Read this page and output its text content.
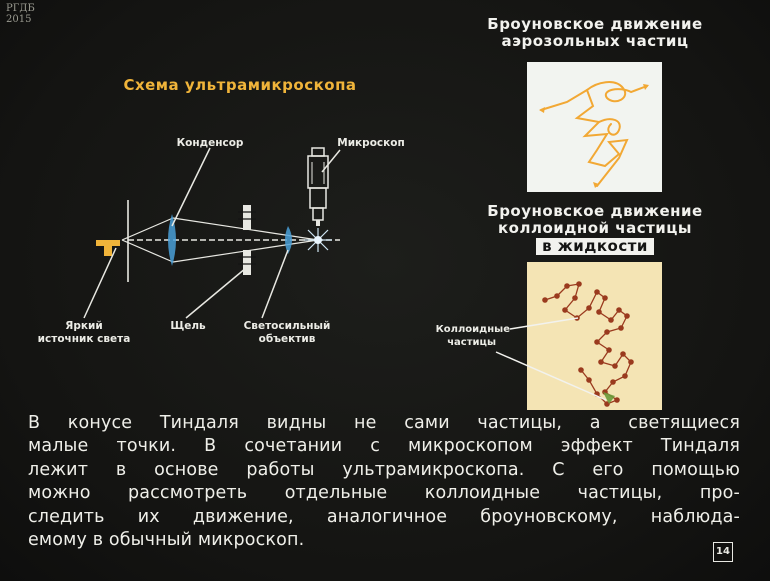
РГДБ
2015
Схема ультрамикроскопа
Конденсор	Микроскоп
Яркий
источник света
Щель	Светосильный
объектив
Броуновское движение
аэрозольных частиц
Броуновское движение
коллоидной частицы
в жидкости
Коллоидные
частицы
В конусе Тиндаля видны не сами частицы, а светящиеся
малые точки. В сочетании с микроскопом эффект Тиндаля
лежит в основе работы ультрамикроскопа. С его помощью
можно рассмотреть отдельные коллоидные частицы, про-
следить их движение, аналогичное броуновскому, наблюда-
емому в обычный микроскоп.
14
